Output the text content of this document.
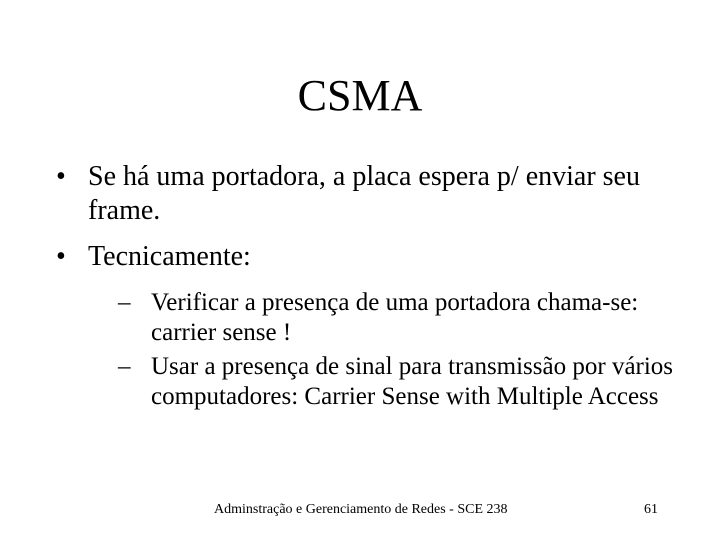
CSMA
• Se há uma portadora, a placa espera p/ enviar seu frame.
• Tecnicamente:
– Verificar a presença de uma portadora chama-se: carrier sense !
– Usar a presença de sinal para transmissão por vários computadores: Carrier Sense with Multiple Access
Adminstração e Gerenciamento de Redes - SCE 238	61
